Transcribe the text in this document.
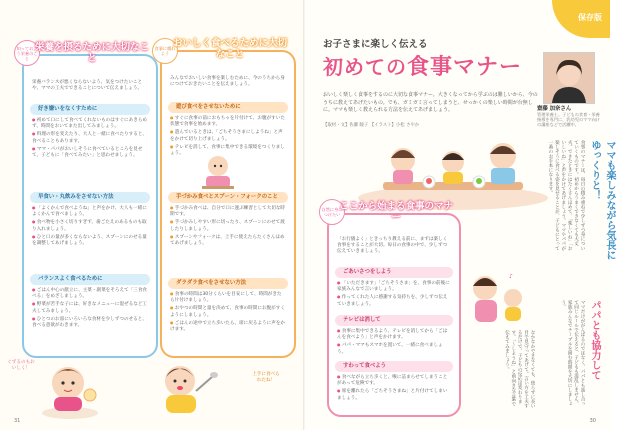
知っておこう栄養のこと
栄養を摂るために大切なこと
栄養バランスが悪くならないよう、気をつけたいことや、ママの工夫でできることについて伝えましょう。
好き嫌いをなくすために
● 初めて口にして食べてくれないものはすぐにあきらめず、時間をおいてまた出してみましょう。
● 料理の形を変えたり、大人と一緒に食べたりすると、食べることもあります。
● ママ・パパがおいしそうに食べているところを見せて、子どもに「食べてみたい」と思わせましょう。
早食い・丸飲みをさせない方法
● 「よくかんで食べようね」と声をかけ、大人も一緒によくかんで食べましょう。
● 食べ物を小さく切りすぎず、歯ごたえのあるものも取り入れましょう。
● ひと口の量が多くならないよう、スプーンにのせる量を調整してあげましょう。
バランスよく食べるために
● ごはん中心の献立に、主菜・副菜をそろえて「三食食べる」をめざしましょう。
● 野菜が苦手な子には、好きなメニューに混ぜるなど工夫してみましょう。
● ひとつのお皿にいろいろな食材を少しずつのせると、食べる意欲がわきます。
食事に慣れよう
おいしく食べるために大切なこと
みんなでおいしい食事を楽しむために、今のうちから身につけておきたいことを伝えましょう。
遊び食べをさせないために
● すぐに食事の前におもちゃを片付けて、お腹がすいた状態で食事を始めます。
● 遊んでいるときは、「ごちそうさまにしようね」と声をかけて切り上げましょう。
● テレビを消して、食事に集中できる環境をつくりましょう。
手づかみ食べとスプーン・フォークのこと
● 手づかみ食べは、自分で口に運ぶ練習として大切な時期です。
● 手づかみしやすい形に切ったり、スプーンにのせて渡したりしましょう。
● スプーンやフォークは、上手に使えたらたくさんほめてあげましょう。
ダラダラ食べをさせない方法
● 食事の時間は30分くらいを目安にして、時間がきたら片付けましょう。
● おやつの時間と量を決めて、食事の時間にお腹がすくようにしましょう。
● ごはんの途中で立ち歩いたら、席に戻るように声をかけます。
ぐずるのもおいしく！
上手に食べられたね！
31
保存版
お子さまに楽しく伝える
初めての食事マナー
おいしく楽しく食事をするのに大切な食事マナー。大きくなってから学ぶのは難しいから、今のうちに教えてあげたいもの。でも、ガミガミ言ってしまうと、せっかくの楽しい時間が台無しに。ママも楽しく教えられる方法を伝えてあげましょう。	齋藤 加奈さん
管理栄養士。子どもの食育・栄養指導を専門に、乳幼児のママ向けの講座などで活躍中。
【取材・文】佐藤 瞳子 【イラスト】小松 さやか
自然に身につけたい
ここから始まる食事のマナー
「お行儀よく」ときっちり教える前に、まずは楽しく食事をすることが大切。毎日の食事の中で、少しずつ伝えていきましょう。
ごあいさつをしよう
● 「いただきます」「ごちそうさま」を、食事の前後に家族みんなで言いましょう。
● 作ってくれた人に感謝する気持ちを、少しずつ伝えていきましょう。
テレビは消して
● 食事に集中できるよう、テレビを消してから「ごはんを食べよう」と声をかけます。
● パパ・ママもスマホを置いて、一緒に食べましょう。
すわって食べよう
● 食べながら立ち歩くと、喉に詰まらせてしまうことがあって危険です。
● 席を離れたら「ごちそうさまね」と片付けてしまいましょう。
ママも楽しみながら気長にゆっくりと！
食事のマナーは、毎日の積み重ねで少しずつ身についていくものです。初めからうまくできなくても大丈夫。できたときにはたくさんほめて、「楽しいね」「おいしいね」と声をかけてあげましょう。ママやパパが楽しそうに食べる姿を見せることが、子どもにとって一番のお手本になります。
♪
パパとも協力して
ママだけががんばるのではなく、パパとも話し合って同じルールで伝えると、子どもも混乱しません。家族みんなでテーブルを囲む時間を大切にしましょう。
なかなかできなくても、焦らずに長い目で見守ってあげて。言い方を工夫するだけで、子どもの反応は変わります。「〜しようね」と前向きな言葉で伝えてみましょう。
30
